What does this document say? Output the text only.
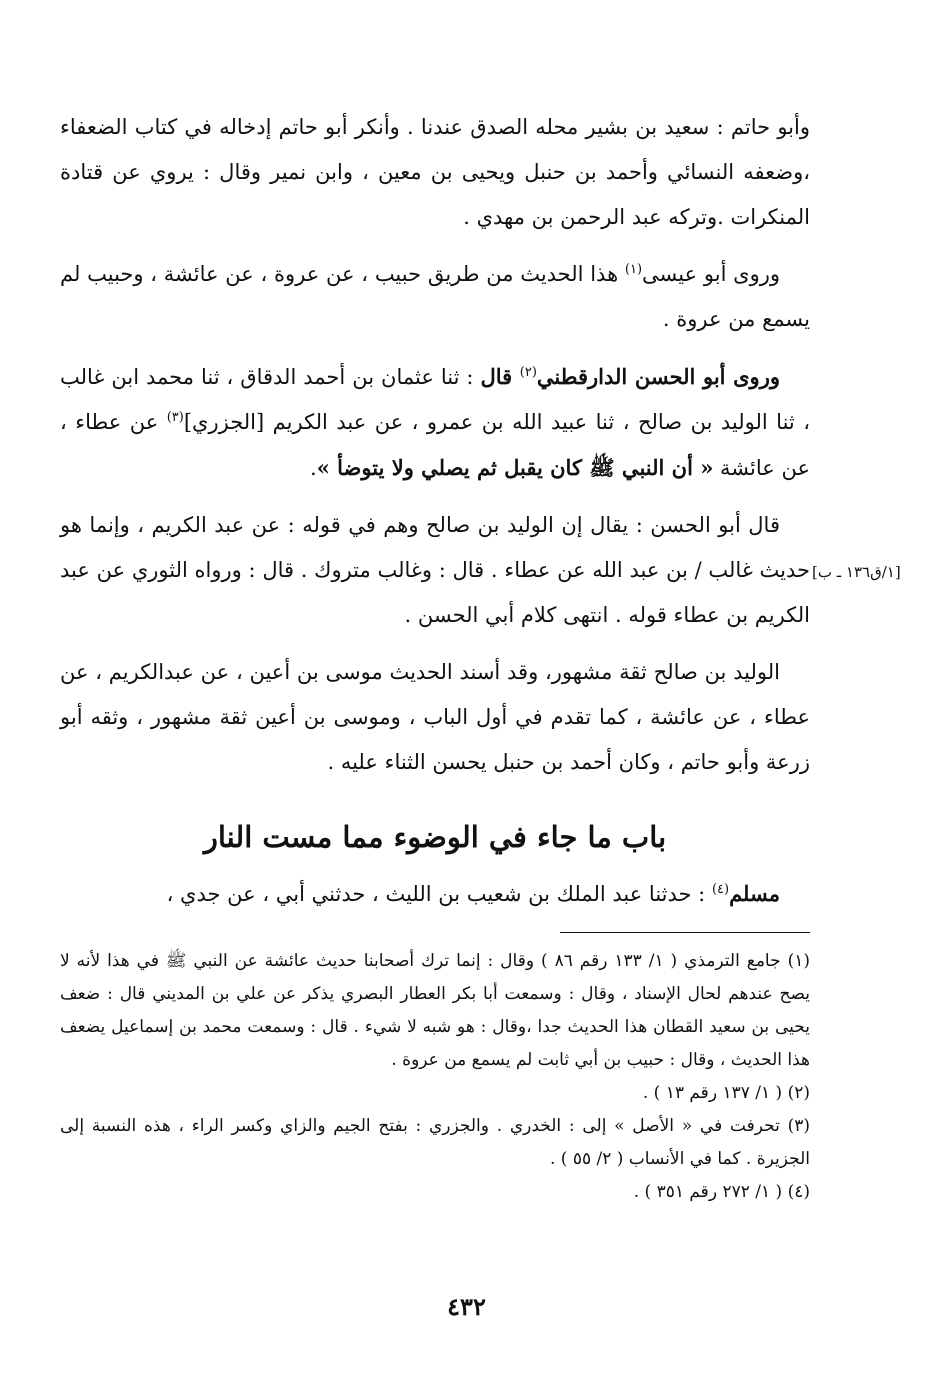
[١/ق١٣٦ ـ ب]

وأبو حاتم : سعيد بن بشير محله الصدق عندنا . وأنكر أبو حاتم إدخاله في كتاب الضعفاء ،وضعفه النسائي وأحمد بن حنبل ويحيى بن معين ، وابن نمير وقال : يروي عن قتادة المنكرات .وتركه عبد الرحمن بن مهدي .

وروى أبو عيسى$^{(١)}$ هذا الحديث من طريق حبيب ، عن عروة ، عن عائشة ، وحبيب لم يسمع من عروة .

وروى أبو الحسن الدارقطني$^{(٢)}$ قال : ثنا عثمان بن أحمد الدقاق ، ثنا محمد ابن غالب ، ثنا الوليد بن صالح ، ثنا عبيد الله بن عمرو ، عن عبد الكريم [الجزري]$^{(٣)}$ عن عطاء ، عن عائشة « أن النبي ﷺ كان يقبل ثم يصلي ولا يتوضأ ».

قال أبو الحسن : يقال إن الوليد بن صالح وهم في قوله : عن عبد الكريم ، وإنما هو حديث غالب / بن عبد الله عن عطاء . قال : وغالب متروك . قال : ورواه الثوري عن عبد الكريم بن عطاء قوله . انتهى كلام أبي الحسن .

الوليد بن صالح ثقة مشهور، وقد أسند الحديث موسى بن أعين ، عن عبدالكريم ، عن عطاء ، عن عائشة ، كما تقدم في أول الباب ، وموسى بن أعين ثقة مشهور ، وثقه أبو زرعة وأبو حاتم ، وكان أحمد بن حنبل يحسن الثناء عليه .

باب ما جاء في الوضوء مما مست النار

مسلم$^{(٤)}$ : حدثنا عبد الملك بن شعيب بن الليث ، حدثني أبي ، عن جدي ،

(١) جامع الترمذي ( ١/ ١٣٣ رقم ٨٦ ) وقال : إنما ترك أصحابنا حديث عائشة عن النبي ﷺ في هذا لأنه لا يصح عندهم لحال الإسناد ، وقال : وسمعت أبا بكر العطار البصري يذكر عن علي بن المديني قال : ضعف يحيى بن سعيد القطان هذا الحديث جدا ،وقال : هو شبه لا شيء . قال : وسمعت محمد بن إسماعيل يضعف هذا الحديث ، وقال : حبيب بن أبي ثابت لم يسمع من عروة .

(٢) ( ١/ ١٣٧ رقم ١٣ ) .

(٣) تحرفت في « الأصل » إلى : الخدري . والجزري : بفتح الجيم والزاي وكسر الراء ، هذه النسبة إلى الجزيرة . كما في الأنساب ( ٢/ ٥٥ ) .

(٤) ( ١/ ٢٧٢ رقم ٣٥١ ) .

٤٣٢
